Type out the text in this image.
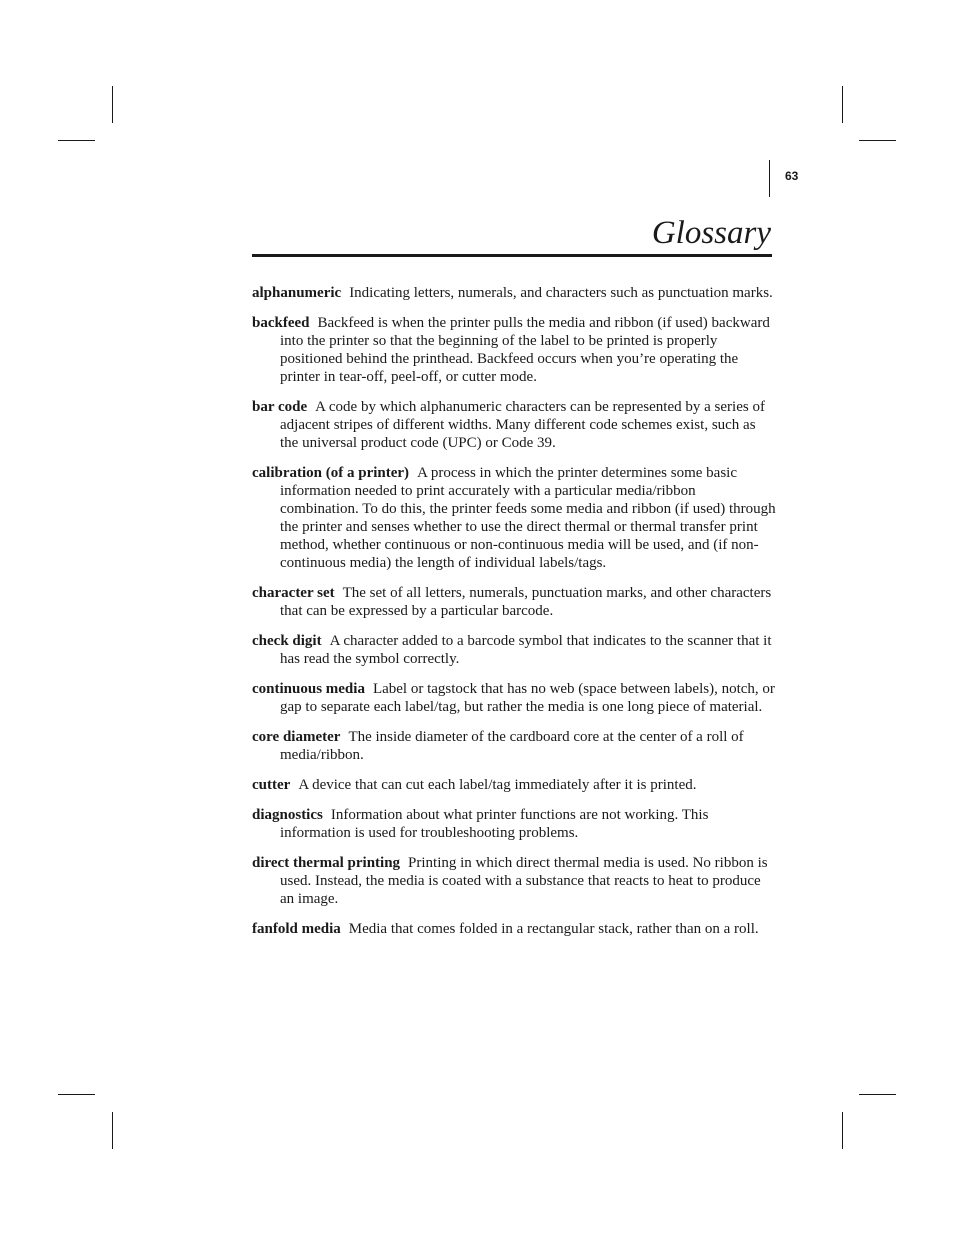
63
Glossary

alphanumeric Indicating letters, numerals, and characters such as punctuation marks.

backfeed Backfeed is when the printer pulls the media and ribbon (if used) backward into the printer so that the beginning of the label to be printed is properly positioned behind the printhead. Backfeed occurs when you’re operating the printer in tear-off, peel-off, or cutter mode.

bar code A code by which alphanumeric characters can be represented by a series of adjacent stripes of different widths. Many different code schemes exist, such as the universal product code (UPC) or Code 39.

calibration (of a printer) A process in which the printer determines some basic information needed to print accurately with a particular media/ribbon combination. To do this, the printer feeds some media and ribbon (if used) through the printer and senses whether to use the direct thermal or thermal transfer print method, whether continuous or non-continuous media will be used, and (if non-continuous media) the length of individual labels/tags.

character set The set of all letters, numerals, punctuation marks, and other characters that can be expressed by a particular barcode.

check digit A character added to a barcode symbol that indicates to the scanner that it has read the symbol correctly.

continuous media Label or tagstock that has no web (space between labels), notch, or gap to separate each label/tag, but rather the media is one long piece of material.

core diameter The inside diameter of the cardboard core at the center of a roll of media/ribbon.

cutter A device that can cut each label/tag immediately after it is printed.

diagnostics Information about what printer functions are not working. This information is used for troubleshooting problems.

direct thermal printing Printing in which direct thermal media is used. No ribbon is used. Instead, the media is coated with a substance that reacts to heat to produce an image.

fanfold media Media that comes folded in a rectangular stack, rather than on a roll.
